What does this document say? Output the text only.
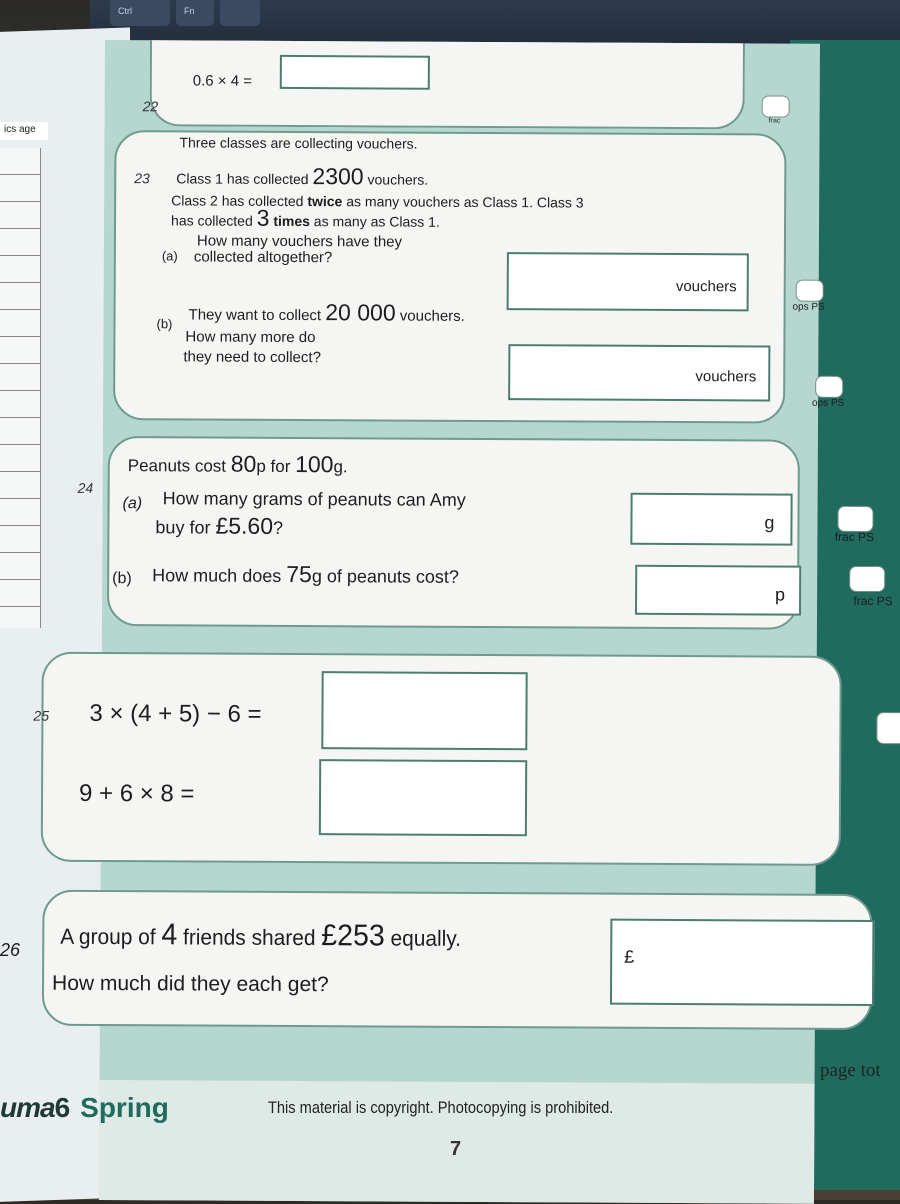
Ctrl	Fn
ics age
26
22
0.6 × 4 =
frac
23
Three classes are collecting vouchers.
Class 1 has collected 2300 vouchers.
Class 2 has collected twice as many vouchers as Class 1. Class 3
has collected 3 times as many as Class 1.
(a)
How many vouchers have they
collected altogether?
vouchers
ops PS
(b) They want to collect 20 000 vouchers.
How many more do
they need to collect?
vouchers
ops PS
24
Peanuts cost 80p for 100g.
(a) How many grams of peanuts can Amy
buy for £5.60?	g
frac PS
(b) How much does 75g of peanuts cost?
p	frac PS
25 3 × (4 + 5) − 6 =
9 + 6 × 8 =
A group of 4 friends shared £253 equally.
How much did they each get?
£
uma6 Spring	This material is copyright. Photocopying is prohibited.
7
page tot
